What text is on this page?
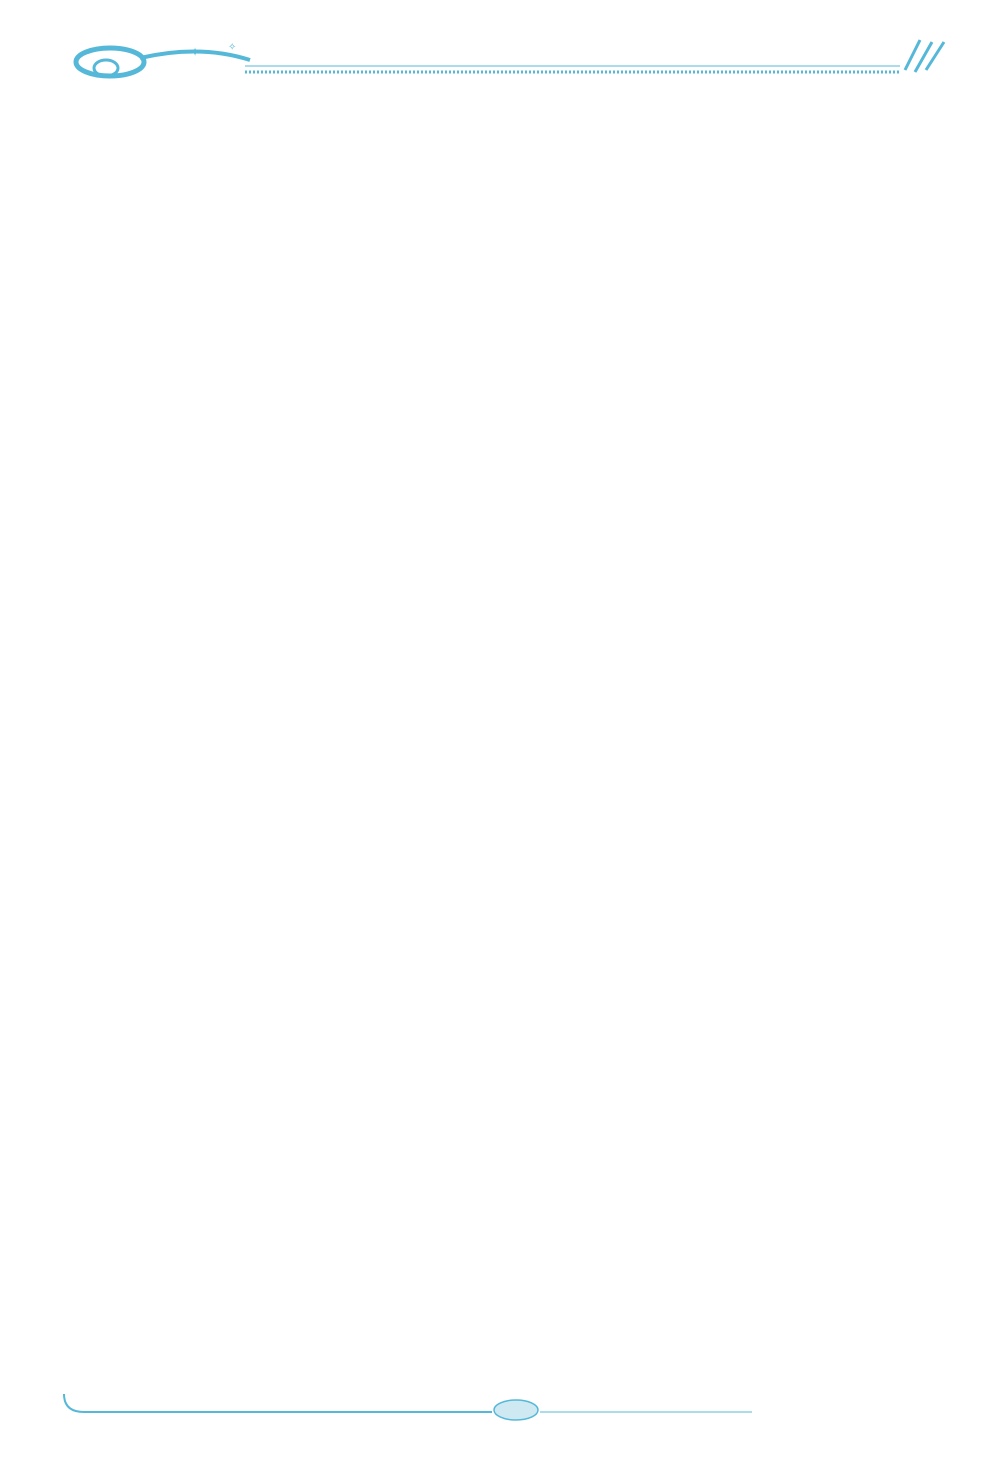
✦	✧
